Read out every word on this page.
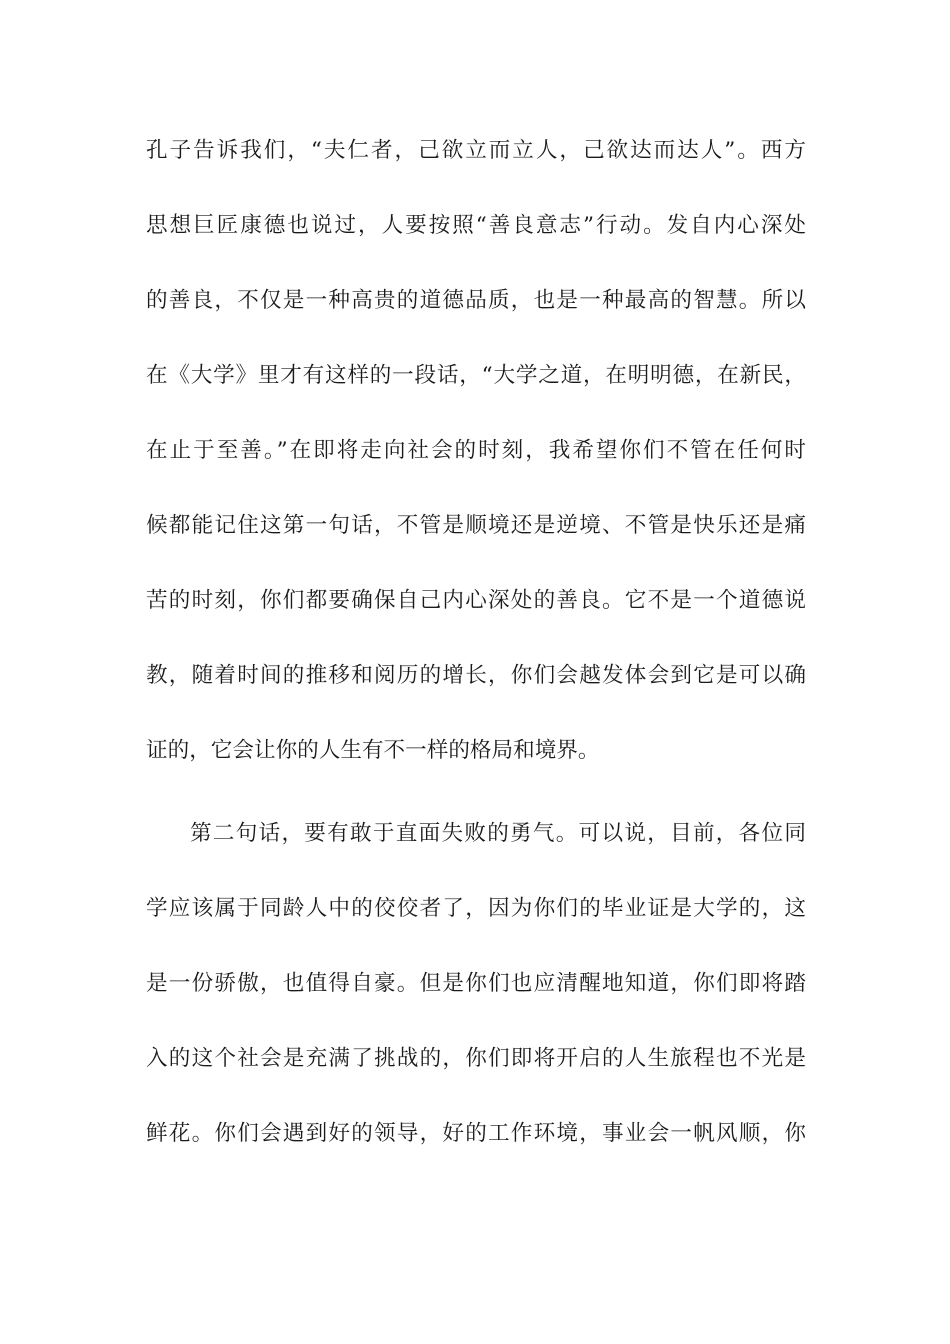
孔子告诉我们，“夫仁者，己欲立而立人，己欲达而达人”。西方
思想巨匠康德也说过，人要按照“善良意志”行动。发自内心深处
的善良，不仅是一种高贵的道德品质，也是一种最高的智慧。所以
在《大学》里才有这样的一段话，“大学之道，在明明德，在新民，
在止于至善。”在即将走向社会的时刻，我希望你们不管在任何时
候都能记住这第一句话，不管是顺境还是逆境、不管是快乐还是痛
苦的时刻，你们都要确保自己内心深处的善良。它不是一个道德说
教，随着时间的推移和阅历的增长，你们会越发体会到它是可以确
证的，它会让你的人生有不一样的格局和境界。
第二句话，要有敢于直面失败的勇气。可以说，目前，各位同
学应该属于同龄人中的佼佼者了，因为你们的毕业证是大学的，这
是一份骄傲，也值得自豪。但是你们也应清醒地知道，你们即将踏
入的这个社会是充满了挑战的，你们即将开启的人生旅程也不光是
鲜花。你们会遇到好的领导，好的工作环境，事业会一帆风顺，你
